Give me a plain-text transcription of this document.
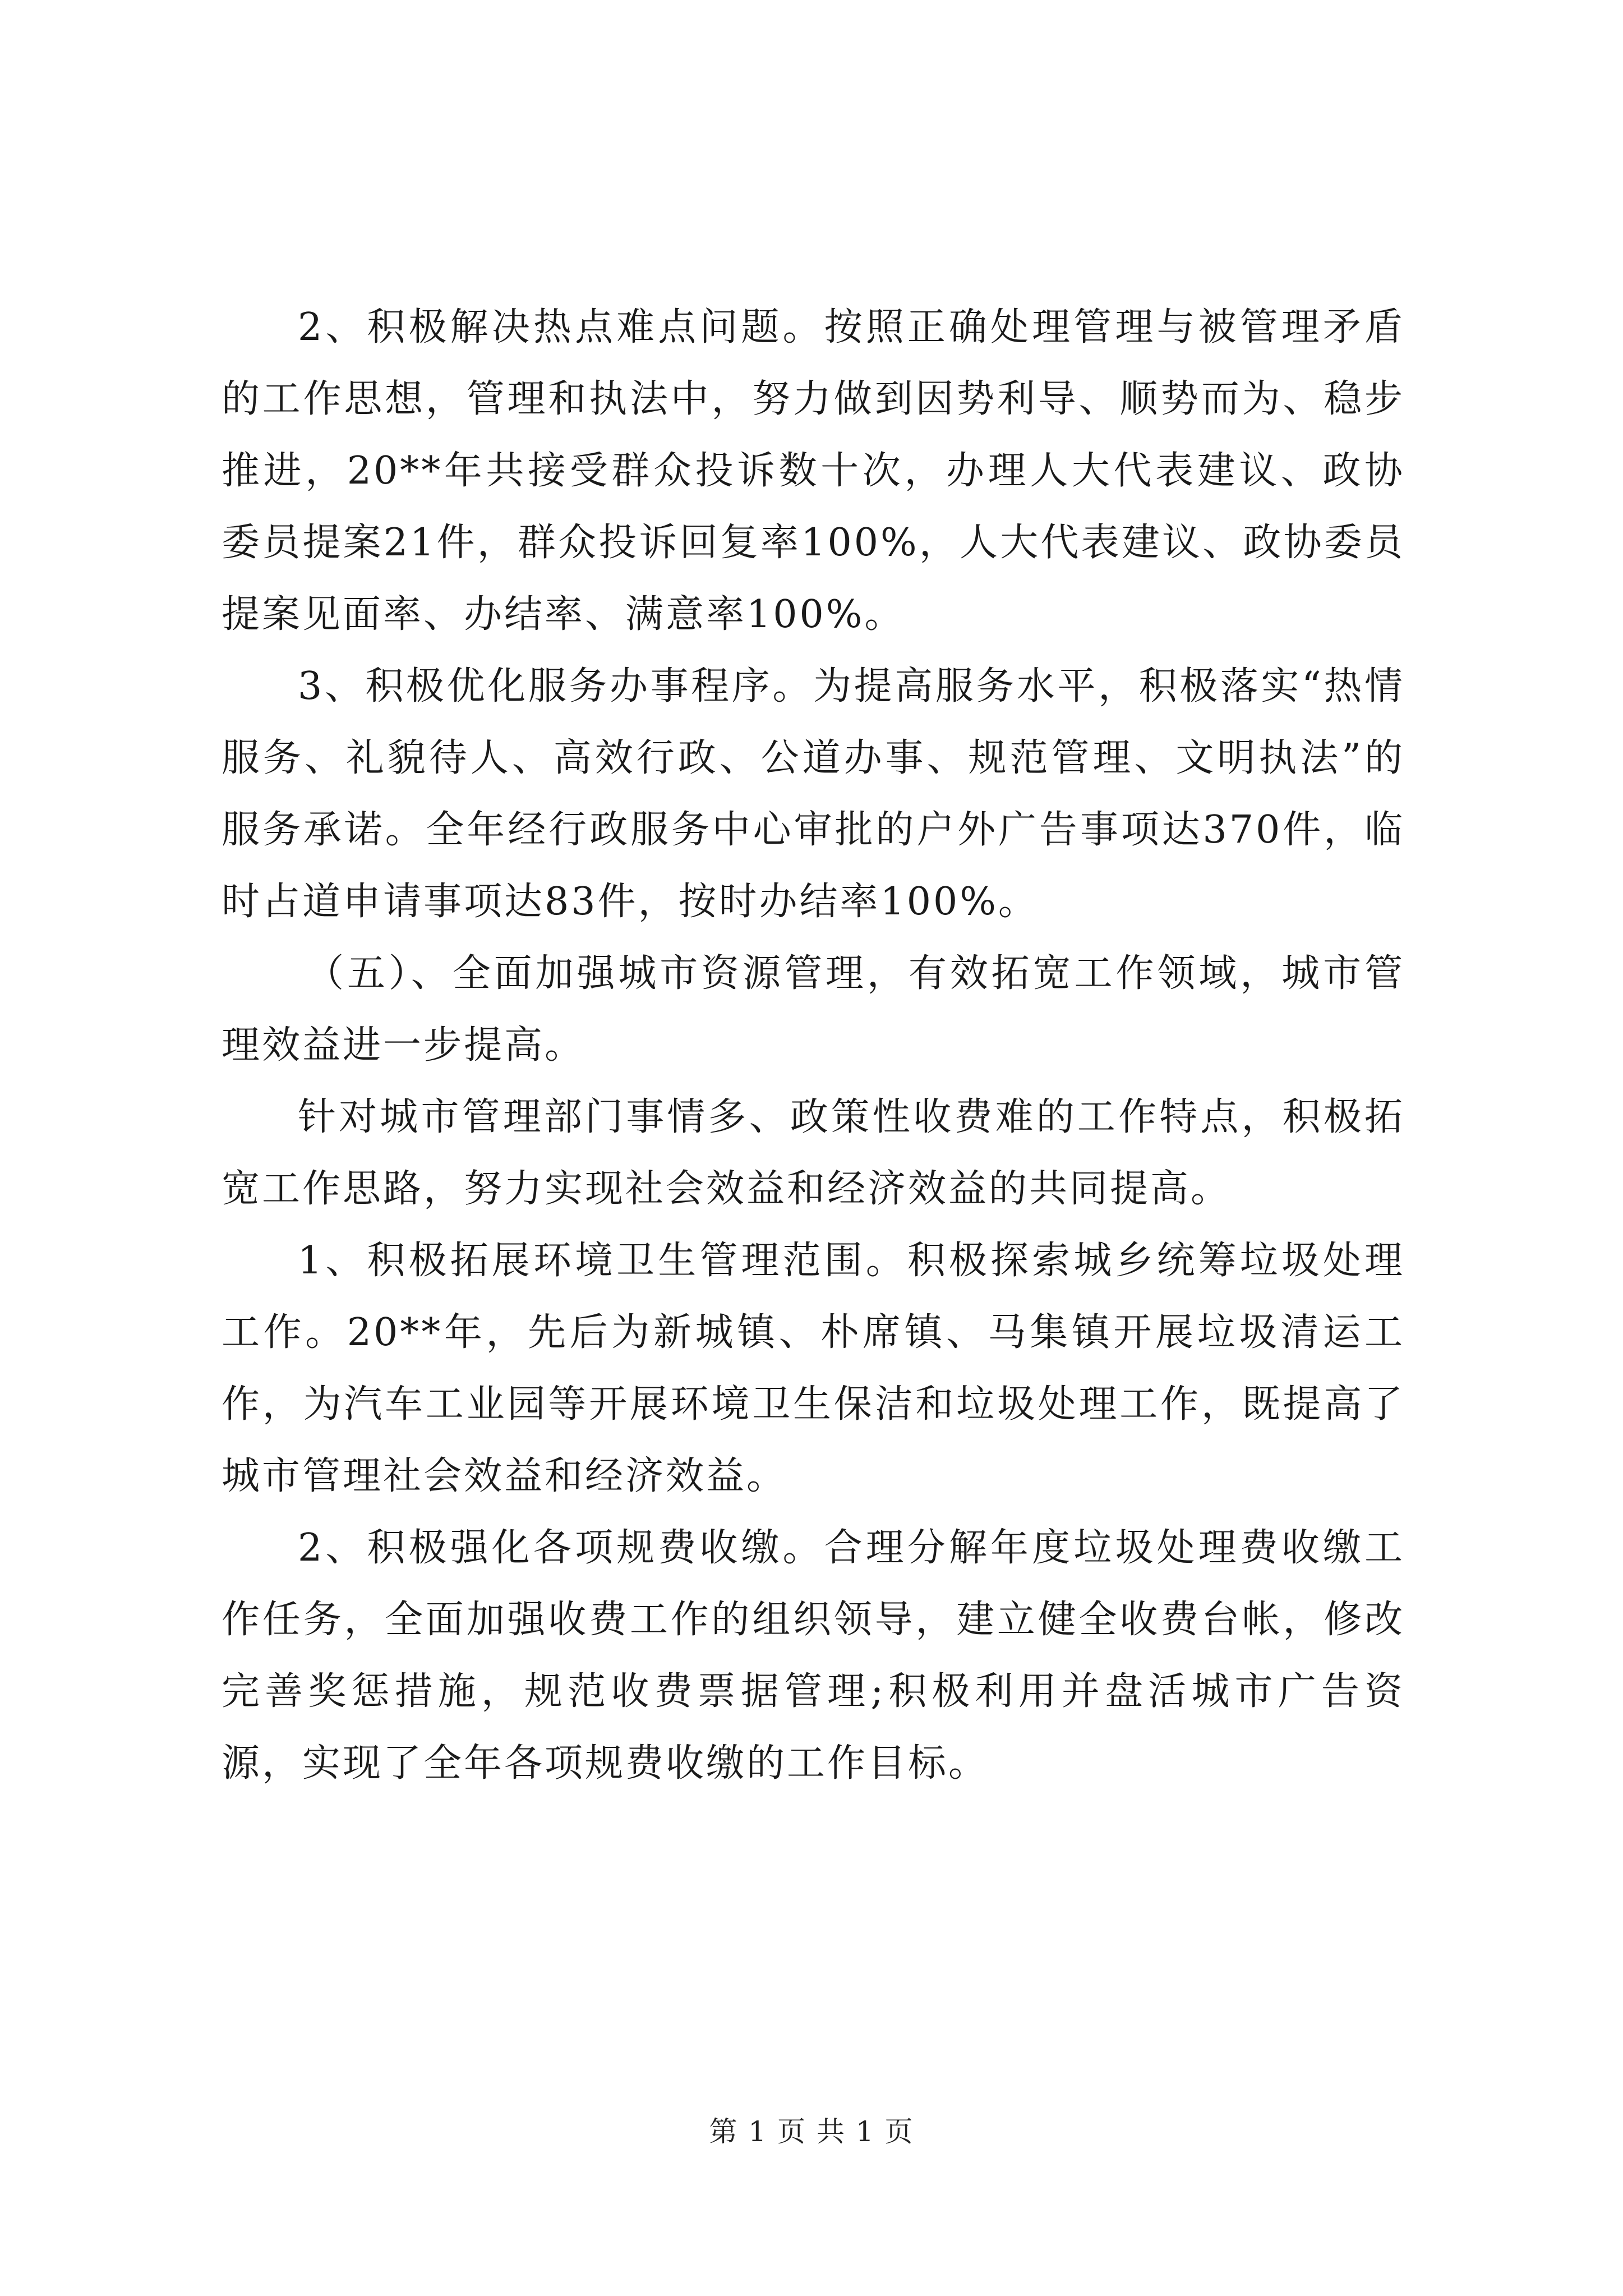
2、积极解决热点难点问题。按照正确处理管理与被管理矛盾的工作思想，管理和执法中，努力做到因势利导、顺势而为、稳步推进，20**年共接受群众投诉数十次，办理人大代表建议、政协委员提案21件，群众投诉回复率100%，人大代表建议、政协委员提案见面率、办结率、满意率100%。

3、积极优化服务办事程序。为提高服务水平，积极落实“热情服务、礼貌待人、高效行政、公道办事、规范管理、文明执法”的服务承诺。全年经行政服务中心审批的户外广告事项达370件，临时占道申请事项达83件，按时办结率100%。

（五）、全面加强城市资源管理，有效拓宽工作领域，城市管理效益进一步提高。

针对城市管理部门事情多、政策性收费难的工作特点，积极拓宽工作思路，努力实现社会效益和经济效益的共同提高。

1、积极拓展环境卫生管理范围。积极探索城乡统筹垃圾处理工作。20**年，先后为新城镇、朴席镇、马集镇开展垃圾清运工作，为汽车工业园等开展环境卫生保洁和垃圾处理工作，既提高了城市管理社会效益和经济效益。

2、积极强化各项规费收缴。合理分解年度垃圾处理费收缴工作任务，全面加强收费工作的组织领导，建立健全收费台帐，修改完善奖惩措施，规范收费票据管理;积极利用并盘活城市广告资源，实现了全年各项规费收缴的工作目标。

第 1 页 共 1 页
